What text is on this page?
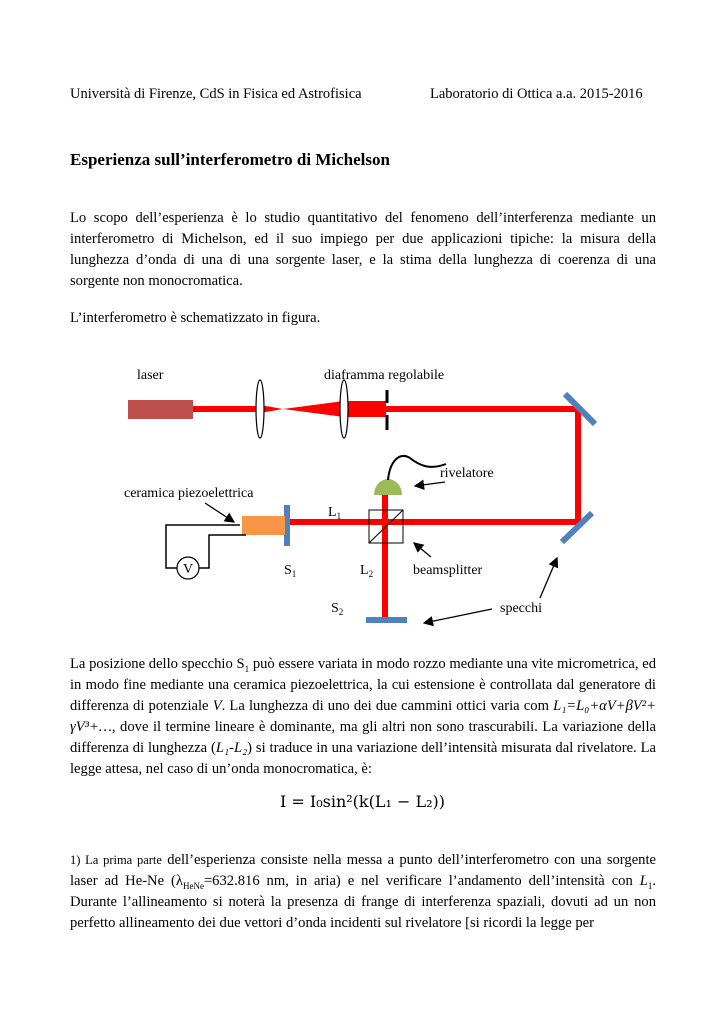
Università di Firenze, CdS in Fisica ed Astrofisica	Laboratorio di Ottica a.a. 2015-2016
Esperienza sull’interferometro di Michelson
Lo scopo dell’esperienza è lo studio quantitativo del fenomeno dell’interferenza mediante un interferometro di Michelson, ed il suo impiego per due applicazioni tipiche: la misura della lunghezza d’onda di una di una sorgente laser, e la stima della lunghezza di coerenza di una sorgente non monocromatica.
L’interferometro è schematizzato in figura.
V
laser	diaframma regolabile
rivelatore
ceramica piezoelettrica
$L_1$
$S_1$	$L_2$	beamsplitter
$S_2$	specchi
La posizione dello specchio $S_1$ può essere variata in modo rozzo mediante una vite micrometrica, ed in modo fine mediante una ceramica piezoelettrica, la cui estensione è controllata dal generatore di differenza di potenziale V. La lunghezza di uno dei due cammini ottici varia com L₁=L₀+αV+βV²+ γV³+…, dove il termine lineare è dominante, ma gli altri non sono trascurabili. La variazione della differenza di lunghezza (L₁-L₂) si traduce in una variazione dell’intensità misurata dal rivelatore. La legge attesa, nel caso di un’onda monocromatica, è:
I = I₀sin²(k(L₁ − L₂))
1) La prima parte dell’esperienza consiste nella messa a punto dell’interferometro con una sorgente laser ad He-Ne ($\lambda_{HeNe}=632.816$ nm, in aria) e nel verificare l’andamento dell’intensità con $L_1$. Durante l’allineamento si noterà la presenza di frange di interferenza spaziali, dovuti ad un non perfetto allineamento dei due vettori d’onda incidenti sul rivelatore [si ricordi la legge per
